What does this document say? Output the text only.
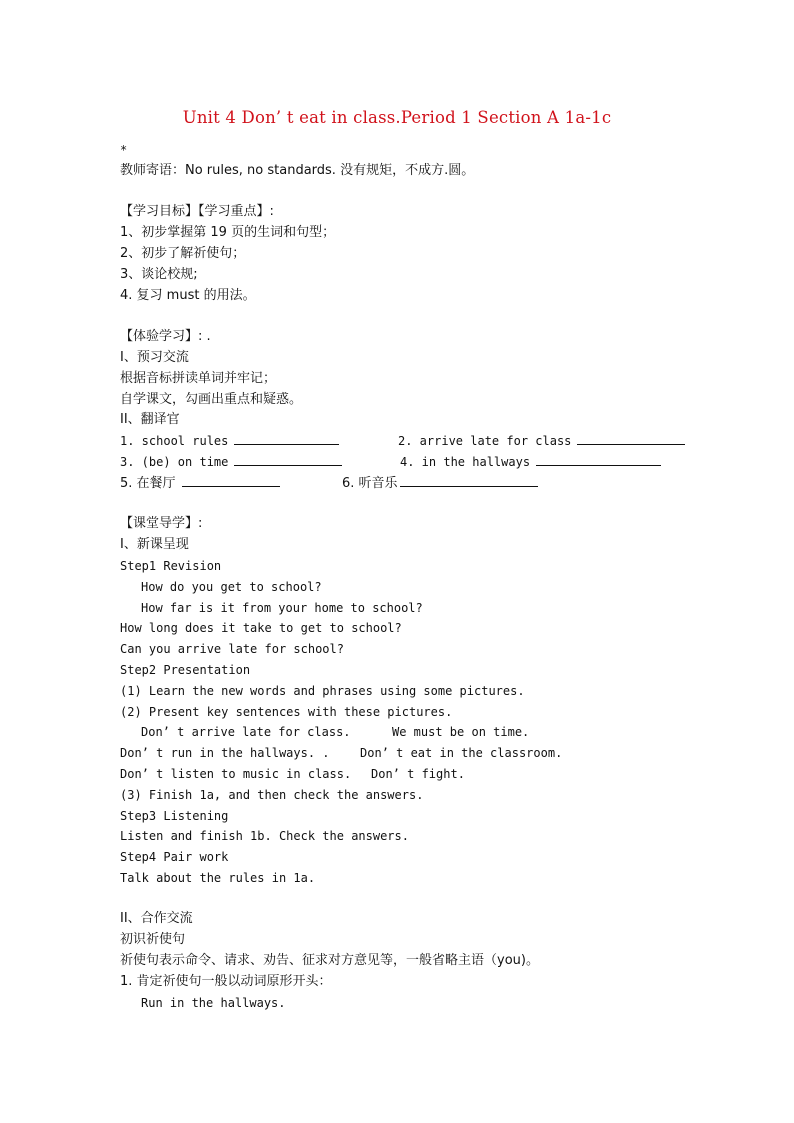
Unit 4 Don’ t eat in class.Period 1 Section A 1a-1c
*
教师寄语：No rules, no standards. 没有规矩，不成方.圆。
【学习目标】【学习重点】:
1、初步掌握第 19 页的生词和句型；
2、初步了解祈使句；
3、谈论校规;
4. 复习 must 的用法。
【体验学习】: .
I、预习交流
根据音标拼读单词并牢记；
自学课文，勾画出重点和疑惑。
II、翻译官
1. school rules	2. arrive late for class
3. (be) on time	4. in the hallways
5. 在餐厅	6. 听音乐
【课堂导学】:
I、新课呈现
Step1 Revision
How do you get to school?
How far is it from your home to school?
How long does it take to get to school?
Can you arrive late for school?
Step2 Presentation
(1) Learn the new words and phrases using some pictures.
(2) Present key sentences with these pictures.
Don’ t arrive late for class.	We must be on time.
Don’ t run in the hallways. .	Don’ t eat in the classroom.
Don’ t listen to music in class. Don’ t fight.
(3) Finish 1a, and then check the answers.
Step3 Listening
Listen and finish 1b. Check the answers.
Step4 Pair work
Talk about the rules in 1a.
II、合作交流
初识祈使句
祈使句表示命令、请求、劝告、征求对方意见等，一般省略主语（you)。
1. 肯定祈使句一般以动词原形开头：
Run in the hallways.
